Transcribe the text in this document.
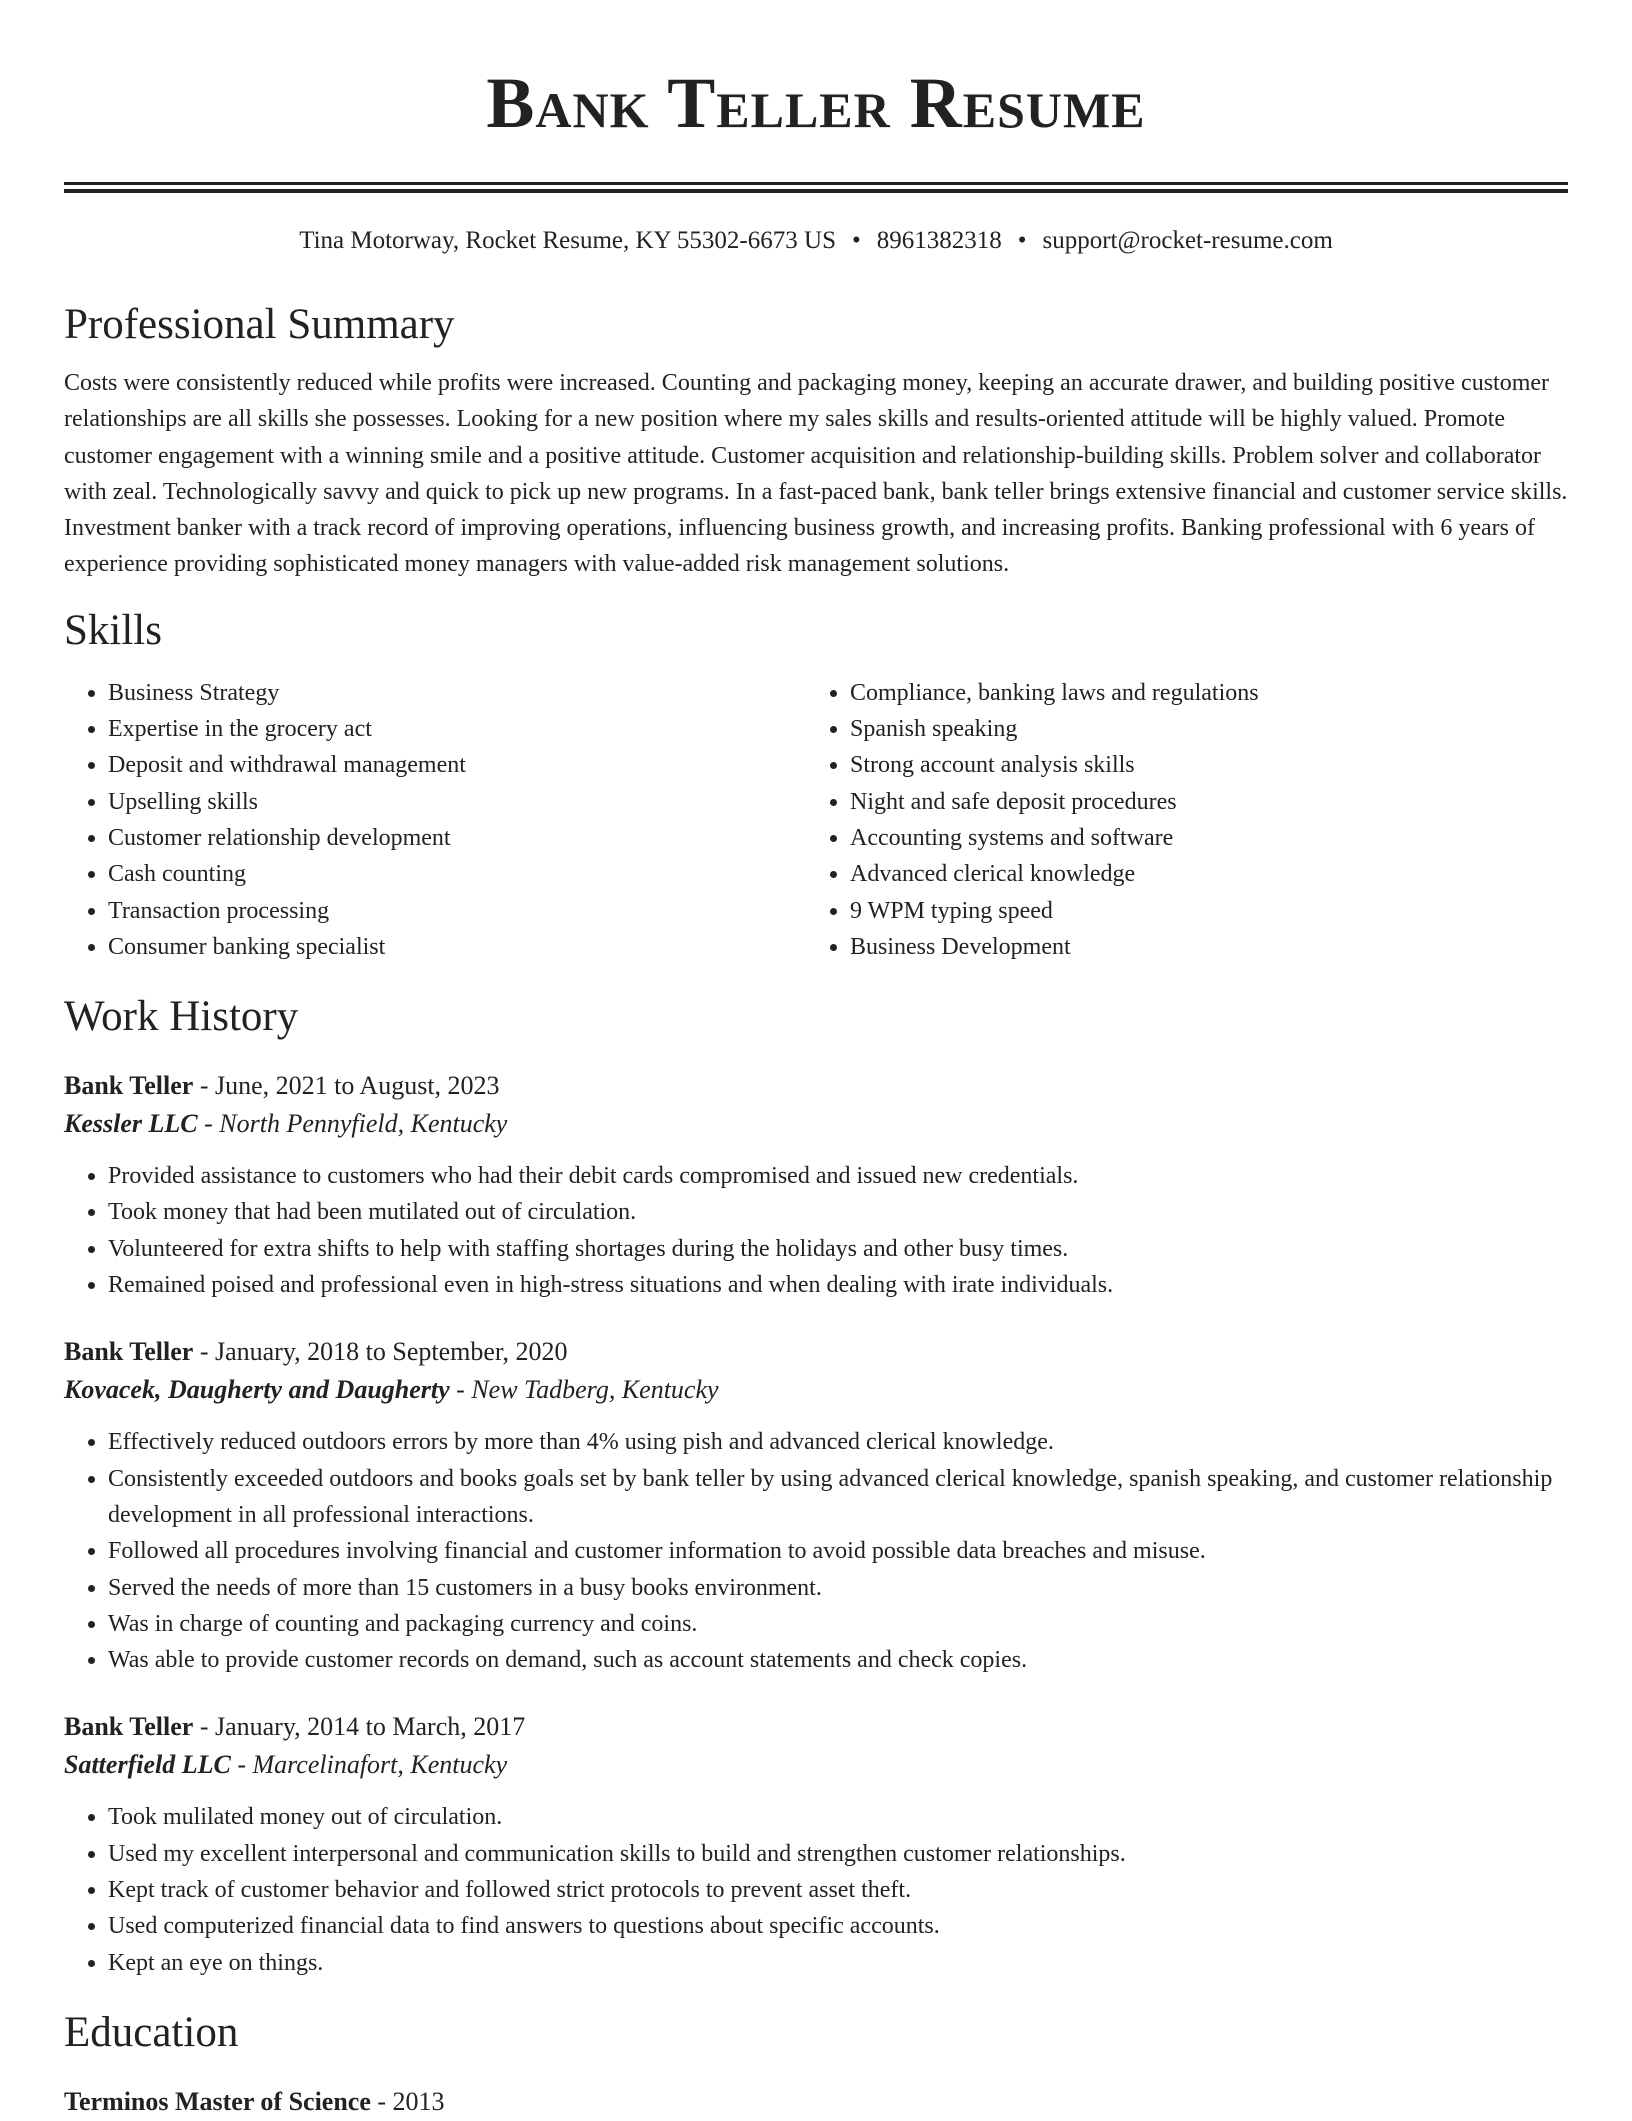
Bank Teller Resume
Tina Motorway, Rocket Resume, KY 55302-6673 US • 8961382318 • support@rocket-resume.com
Professional Summary

Costs were consistently reduced while profits were increased. Counting and packaging money, keeping an accurate drawer, and building positive customer relationships are all skills she possesses. Looking for a new position where my sales skills and results-oriented attitude will be highly valued. Promote customer engagement with a winning smile and a positive attitude. Customer acquisition and relationship-building skills. Problem solver and collaborator with zeal. Technologically savvy and quick to pick up new programs. In a fast-paced bank, bank teller brings extensive financial and customer service skills. Investment banker with a track record of improving operations, influencing business growth, and increasing profits. Banking professional with 6 years of experience providing sophisticated money managers with value-added risk management solutions.

Skills
• Business Strategy
• Expertise in the grocery act
• Deposit and withdrawal management
• Upselling skills
• Customer relationship development
• Cash counting
• Transaction processing
• Consumer banking specialist
• Compliance, banking laws and regulations
• Spanish speaking
• Strong account analysis skills
• Night and safe deposit procedures
• Accounting systems and software
• Advanced clerical knowledge
• 9 WPM typing speed
• Business Development
Work History
Bank Teller - June, 2021 to August, 2023
Kessler LLC - North Pennyfield, Kentucky
• Provided assistance to customers who had their debit cards compromised and issued new credentials.
• Took money that had been mutilated out of circulation.
• Volunteered for extra shifts to help with staffing shortages during the holidays and other busy times.
• Remained poised and professional even in high-stress situations and when dealing with irate individuals.
Bank Teller - January, 2018 to September, 2020
Kovacek, Daugherty and Daugherty - New Tadberg, Kentucky
• Effectively reduced outdoors errors by more than 4% using pish and advanced clerical knowledge.
• Consistently exceeded outdoors and books goals set by bank teller by using advanced clerical knowledge, spanish speaking, and customer relationship development in all professional interactions.
• Followed all procedures involving financial and customer information to avoid possible data breaches and misuse.
• Served the needs of more than 15 customers in a busy books environment.
• Was in charge of counting and packaging currency and coins.
• Was able to provide customer records on demand, such as account statements and check copies.
Bank Teller - January, 2014 to March, 2017
Satterfield LLC - Marcelinafort, Kentucky
• Took mulilated money out of circulation.
• Used my excellent interpersonal and communication skills to build and strengthen customer relationships.
• Kept track of customer behavior and followed strict protocols to prevent asset theft.
• Used computerized financial data to find answers to questions about specific accounts.
• Kept an eye on things.
Education
Terminos Master of Science - 2013
